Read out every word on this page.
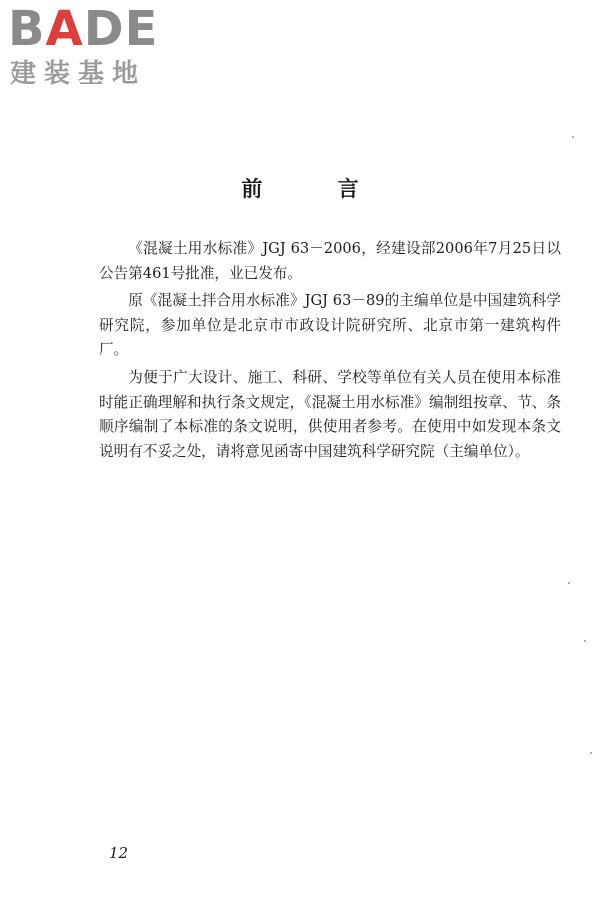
BADE
建装基地
前 言

《混凝土用水标准》JGJ 63－2006，经建设部2006年7月25日以公告第461号批准，业已发布。

原《混凝土拌合用水标准》JGJ 63－89的主编单位是中国建筑科学研究院，参加单位是北京市市政设计院研究所、北京市第一建筑构件厂。

为便于广大设计、施工、科研、学校等单位有关人员在使用本标准时能正确理解和执行条文规定，《混凝土用水标准》编制组按章、节、条顺序编制了本标准的条文说明，供使用者参考。在使用中如发现本条文说明有不妥之处，请将意见函寄中国建筑科学研究院（主编单位）。

12
